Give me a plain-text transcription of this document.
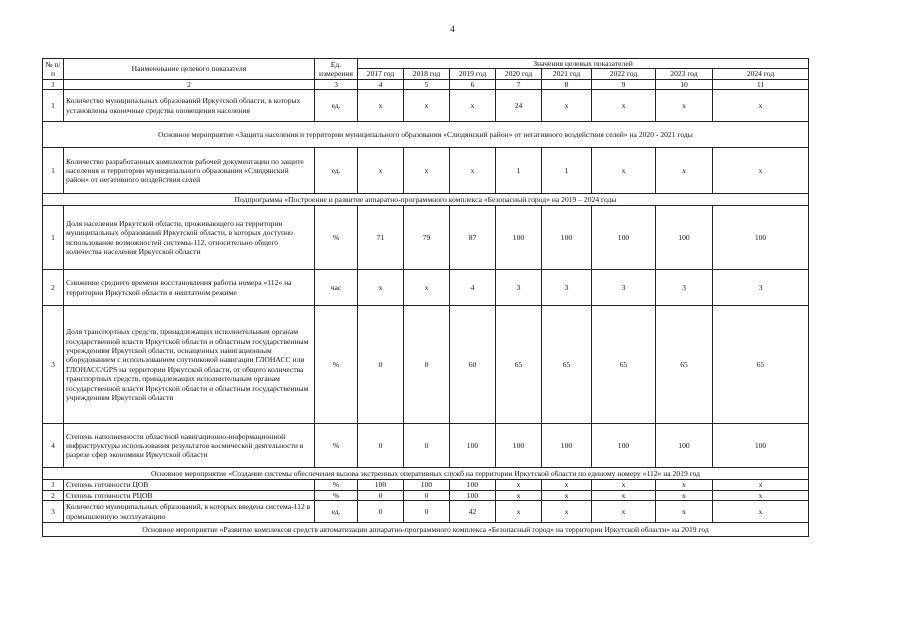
4
№ п/п	Наименование целевого показателя	Ед. измерения	Значения целевых показателей							
			2017 год	2018 год	2019 год	2020 год	2021 год	2022 год	2023 год	2024 год
1	2	3	4	5	6	7	8	9	10	11
1	Количество муниципальных образований Иркутской области, в которых установлены оконечные средства оповещения населения	ед.	х	х	х	24	х	х	х	х
Основное мероприятие «Защита населения и территории муниципального образования «Слюдянский район» от негативного воздействия селей» на 2020 - 2021 годы										
1	Количество разработанных комплектов рабочей документации по защите населения и территории муниципального образования «Слюдянский район» от негативного воздействия селей	ед.	х	х	х	1	1	х	х	х
Подпрограмма «Построение и развитие аппаратно-программного комплекса «Безопасный город» на 2019 – 2024 годы										
1	Доля населения Иркутской области, проживающего на территории муниципальных образований Иркутской области, в которых доступно использование возможностей системы-112, относительно общего количества населения Иркутской области	%	71	79	87	100	100	100	100	100
2	Снижение среднего времени восстановления работы номера «112» на территории Иркутской области в нештатном режиме	час	х	х	4	3	3	3	3	3
3	Доля транспортных средств, принадлежащих исполнительным органам государственной власти Иркутской области и областным государственным учреждениям Иркутской области, оснащенных навигационным оборудованием с использованием спутниковой навигации ГЛОНАСС или ГЛОНАСС/GPS на территории Иркутской области, от общего количества транспортных средств, принадлежащих исполнительным органам государственной власти Иркутской области и областным государственным учреждениям Иркутской области	%	0	0	60	65	65	65	65	65
4	Степень наполненности областной навигационно-информационной инфраструктуры использования результатов космической деятельности в разрезе сфер экономики Иркутской области	%	0	0	100	100	100	100	100	100
Основное мероприятие «Создание системы обеспечения вызова экстренных оперативных служб на территории Иркутской области по единому номеру «112» на 2019 год										
1	Степень готовности ЦОВ	%	100	100	100	х	х	х	х	х
2	Степень готовности РЦОВ	%	0	0	100	х	х	х	х	х
3	Количество муниципальных образований, в которых введена система-112 в промышленную эксплуатацию	ед.	0	0	42	х	х	х	х	х
Основное мероприятие «Развитие комплексов средств автоматизации аппаратно-программного комплекса «Безопасный город» на территории Иркутской области» на 2019 год										
